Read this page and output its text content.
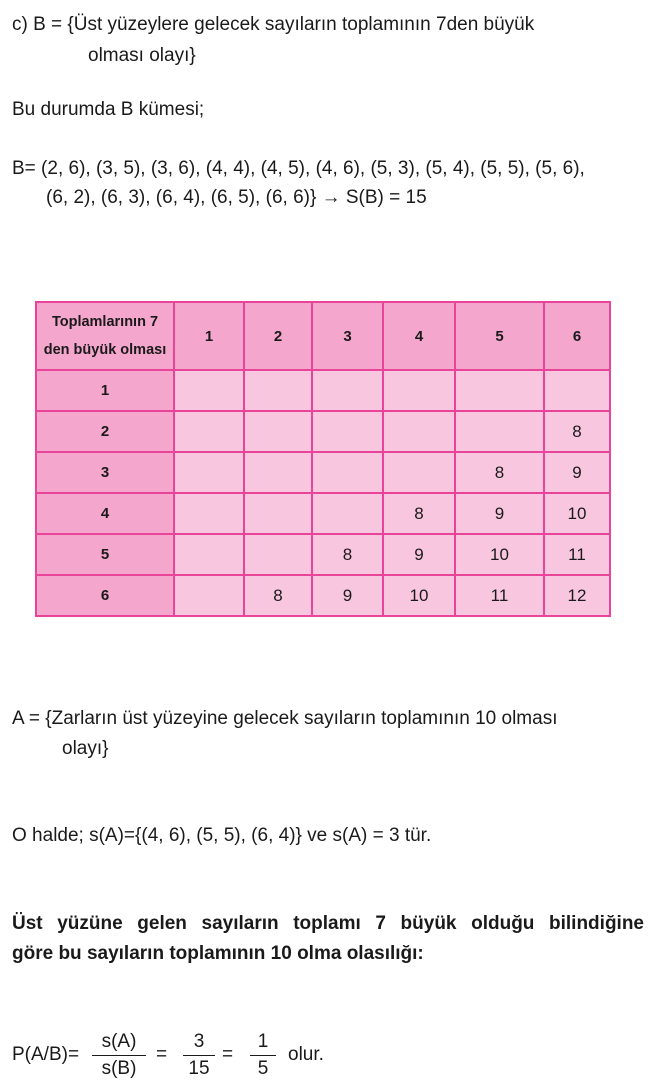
c) B = {Üst yüzeylere gelecek sayıların toplamının 7den büyük
olması olayı}
Bu durumda B kümesi;
B= (2, 6), (3, 5), (3, 6), (4, 4), (4, 5), (4, 6), (5, 3), (5, 4), (5, 5), (5, 6),
(6, 2), (6, 3), (6, 4), (6, 5), (6, 6)} → S(B) = 15
Toplamlarının 7
den büyük olması	1	2	3	4	5	6
1						
2						8
3					8	9
4				8	9	10
5			8	9	10	11
6		8	9	10	11	12
A = {Zarların üst yüzeyine gelecek sayıların toplamının 10 olması
olayı}
O halde; s(A)={(4, 6), (5, 5), (6, 4)} ve s(A) = 3 tür.
Üst yüzüne gelen sayıların toplamı 7 büyük olduğu bilindiğine
göre bu sayıların toplamının 10 olma olasılığı:
P(A/B)=
s(A)
s(B)
=
3
15
=
1
5
olur.
